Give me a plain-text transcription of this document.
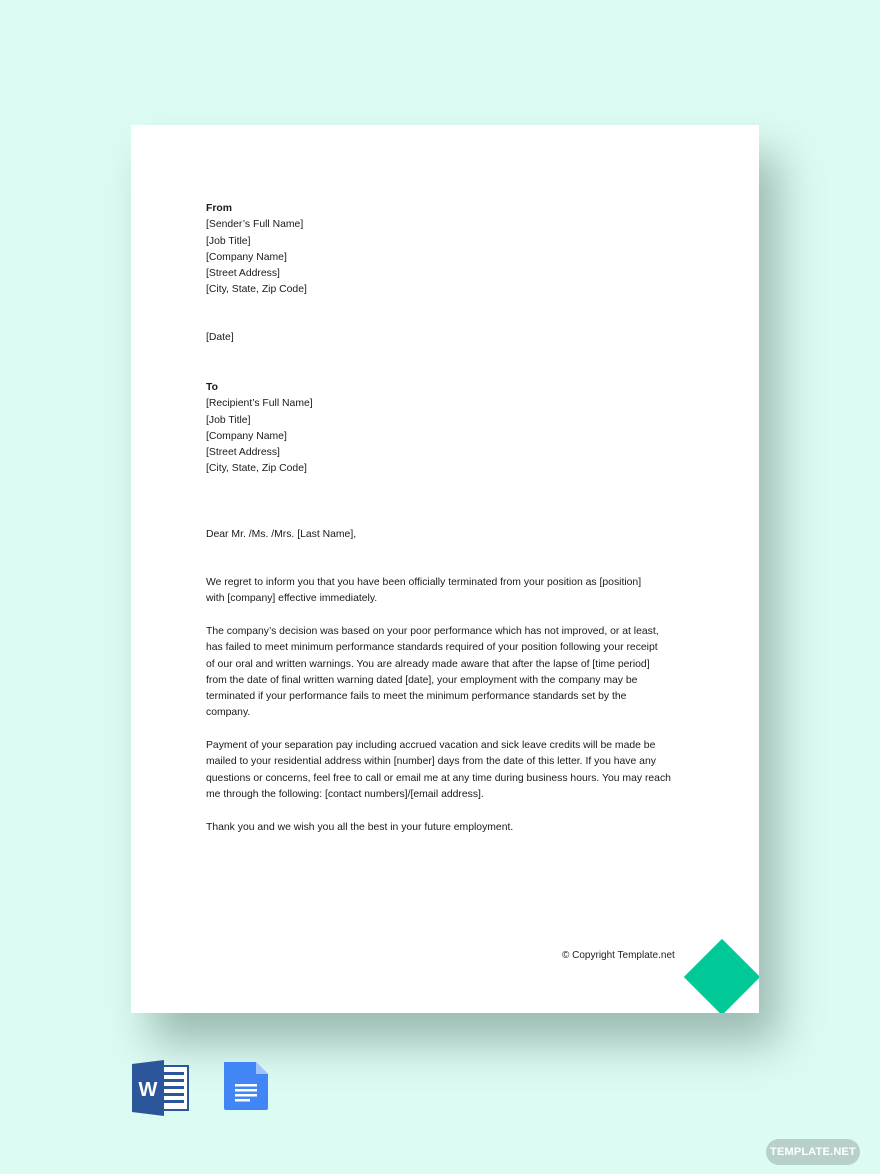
From
[Sender’s Full Name]
[Job Title]
[Company Name]
[Street Address]
[City, State, Zip Code]
[Date]
To
[Recipient’s Full Name]
[Job Title]
[Company Name]
[Street Address]
[City, State, Zip Code]
Dear Mr. /Ms. /Mrs. [Last Name],
We regret to inform you that you have been officially terminated from your position as [position]
with [company] effective immediately.
The company’s decision was based on your poor performance which has not improved, or at least,
has failed to meet minimum performance standards required of your position following your receipt
of our oral and written warnings. You are already made aware that after the lapse of [time period]
from the date of final written warning dated [date], your employment with the company may be
terminated if your performance fails to meet the minimum performance standards set by the
company.
Payment of your separation pay including accrued vacation and sick leave credits will be made be
mailed to your residential address within [number] days from the date of this letter. If you have any
questions or concerns, feel free to call or email me at any time during business hours. You may reach
me through the following: [contact numbers]/[email address].
Thank you and we wish you all the best in your future employment.
© Copyright Template.net
W
TEMPLATE.NET
